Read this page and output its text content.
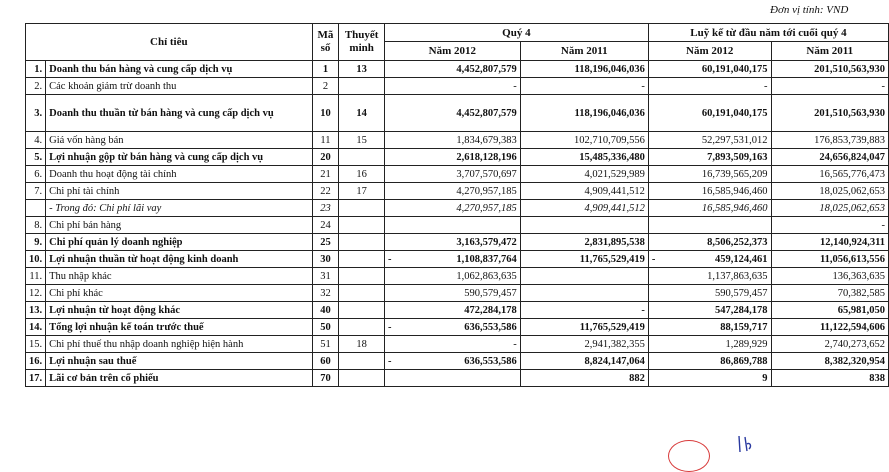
Đơn vị tính: VND
Chỉ tiêu		Mã số	Thuyết minh	Quý 4		Luỹ kế từ đầu năm tới cuối quý 4	
				Năm 2012	Năm 2011	Năm 2012	Năm 2011
1.	Doanh thu bán hàng và cung cấp dịch vụ	1	13	4,452,807,579	118,196,046,036	60,191,040,175	201,510,563,930
2.	Các khoản giảm trừ doanh thu	2		-	-	-	-
3.	Doanh thu thuần từ bán hàng và cung cấp dịch vụ	10	14	4,452,807,579	118,196,046,036	60,191,040,175	201,510,563,930
4.	Giá vốn hàng bán	11	15	1,834,679,383	102,710,709,556	52,297,531,012	176,853,739,883
5.	Lợi nhuận gộp từ bán hàng và cung cấp dịch vụ	20		2,618,128,196	15,485,336,480	7,893,509,163	24,656,824,047
6.	Doanh thu hoạt động tài chính	21	16	3,707,570,697	4,021,529,989	16,739,565,209	16,565,776,473
7.	Chi phí tài chính	22	17	4,270,957,185	4,909,441,512	16,585,946,460	18,025,062,653
	- Trong đó: Chi phí lãi vay	23		4,270,957,185	4,909,441,512	16,585,946,460	18,025,062,653
8.	Chi phí bán hàng	24					-
9.	Chi phí quản lý doanh nghiệp	25		3,163,579,472	2,831,895,538	8,506,252,373	12,140,924,311
10.	Lợi nhuận thuần từ hoạt động kinh doanh	30		- 1,108,837,764	11,765,529,419	- 459,124,461	11,056,613,556
11.	Thu nhập khác	31		1,062,863,635		1,137,863,635	136,363,635
12.	Chi phí khác	32		590,579,457		590,579,457	70,382,585
13.	Lợi nhuận từ hoạt động khác	40		472,284,178	-	547,284,178	65,981,050
14.	Tổng lợi nhuận kế toán trước thuế	50		- 636,553,586	11,765,529,419	88,159,717	11,122,594,606
15.	Chi phí thuế thu nhập doanh nghiệp hiện hành	51	18	-	2,941,382,355	1,289,929	2,740,273,652
16.	Lợi nhuận sau thuế	60		- 636,553,586	8,824,147,064	86,869,788	8,382,320,954
17.	Lãi cơ bản trên cổ phiếu	70			882	9	838
